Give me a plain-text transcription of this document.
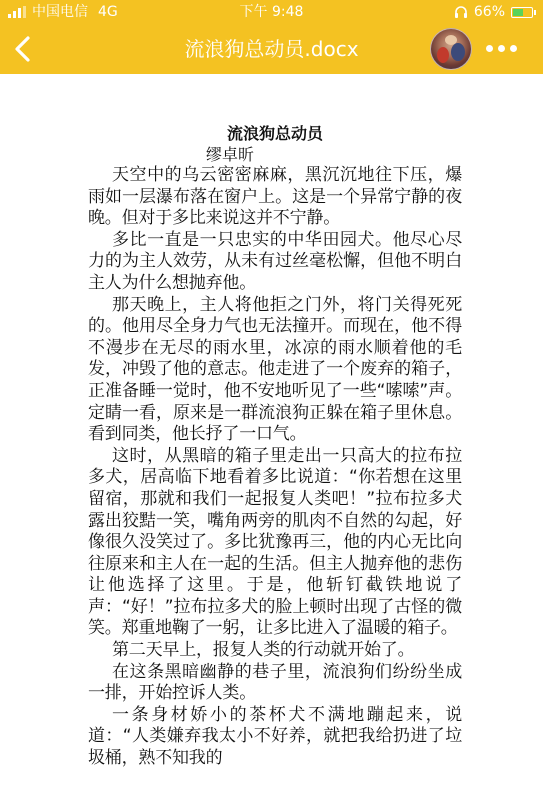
中国电信 4G	下午 9:48	66%
流浪狗总动员.docx

流浪狗总动员

缪卓昕

天空中的乌云密密麻麻，黑沉沉地往下压，爆雨如一层瀑布落在窗户上。这是一个异常宁静的夜晚。但对于多比来说这并不宁静。

多比一直是一只忠实的中华田园犬。他尽心尽力的为主人效劳，从未有过丝毫松懈，但他不明白主人为什么想抛弃他。

那天晚上，主人将他拒之门外，将门关得死死的。他用尽全身力气也无法撞开。而现在，他不得不漫步在无尽的雨水里，冰凉的雨水顺着他的毛发，冲毁了他的意志。他走进了一个废弃的箱子，正准备睡一觉时，他不安地听见了一些“嗦嗦”声。定睛一看，原来是一群流浪狗正躲在箱子里休息。看到同类，他长抒了一口气。

这时，从黑暗的箱子里走出一只高大的拉布拉多犬，居高临下地看着多比说道：“你若想在这里留宿，那就和我们一起报复人类吧！”拉布拉多犬露出狡黠一笑，嘴角两旁的肌肉不自然的勾起，好像很久没笑过了。多比犹豫再三，他的内心无比向往原来和主人在一起的生活。但主人抛弃他的悲伤让他选择了这里。于是，他斩钉截铁地说了声：“好！”拉布拉多犬的脸上顿时出现了古怪的微笑。郑重地鞠了一躬，让多比进入了温暖的箱子。

第二天早上，报复人类的行动就开始了。

在这条黑暗幽静的巷子里，流浪狗们纷纷坐成一排，开始控诉人类。

一条身材娇小的茶杯犬不满地蹦起来，说道：“人类嫌弃我太小不好养，就把我给扔进了垃圾桶，熟不知我的
